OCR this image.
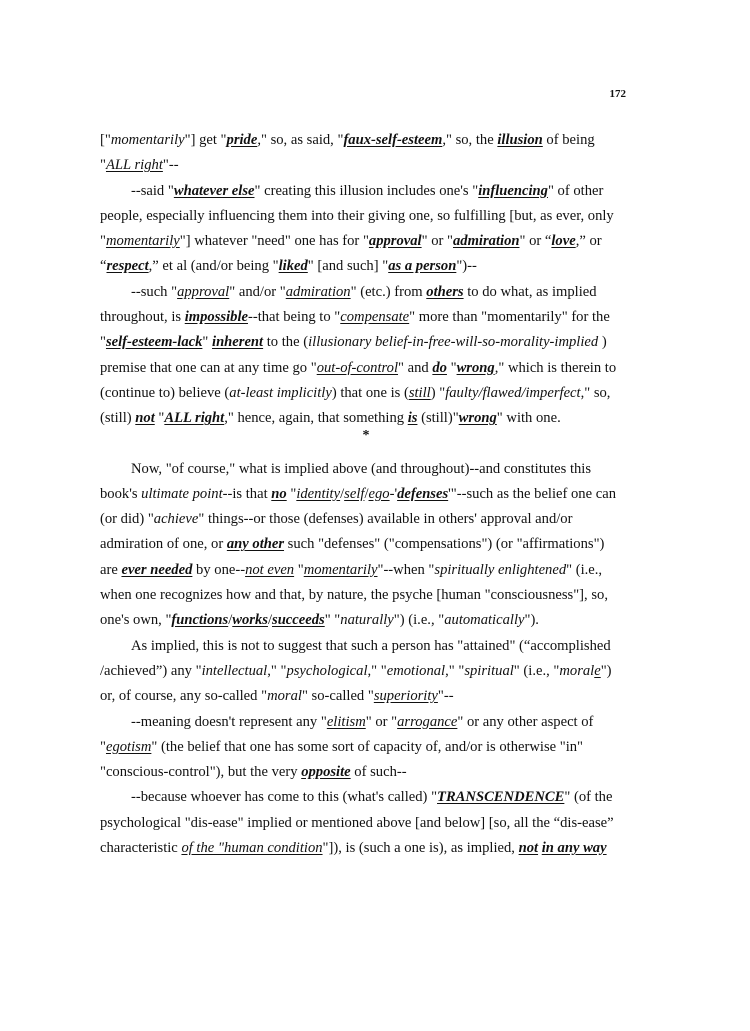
172

["momentarily"] get "pride," so, as said, "faux-self-esteem," so, the illusion of being "ALL right"--

--said "whatever else" creating this illusion includes one's "influencing" of other people, especially influencing them into their giving one, so fulfilling [but, as ever, only "momentarily"] whatever "need" one has for "approval" or "admiration" or “love,” or “respect,” et al (and/or being "liked" [and such] "as a person")--

--such "approval" and/or "admiration" (etc.) from others to do what, as implied throughout, is impossible--that being to "compensate" more than "momentarily" for the "self-esteem-lack" inherent to the (illusionary belief-in-free-will-so-morality-implied ) premise that one can at any time go "out-of-control" and do "wrong," which is therein to (continue to) believe (at-least implicitly) that one is (still) "faulty/flawed/imperfect," so, (still) not "ALL right," hence, again, that something is (still)"wrong" with one.

*

Now, "of course," what is implied above (and throughout)--and constitutes this book's ultimate point--is that no "identity/self/ego-'defenses'"--such as the belief one can (or did) "achieve" things--or those (defenses) available in others' approval and/or admiration of one, or any other such "defenses" ("compensations") (or "affirmations") are ever needed by one--not even "momentarily"--when "spiritually enlightened" (i.e., when one recognizes how and that, by nature, the psyche [human "consciousness"], so, one's own, "functions/works/succeeds" "naturally") (i.e., "automatically").

As implied, this is not to suggest that such a person has "attained" (“accomplished /achieved”) any "intellectual," "psychological," "emotional," "spiritual" (i.e., "morale") or, of course, any so-called "moral" so-called "superiority"--

--meaning doesn't represent any "elitism" or "arrogance" or any other aspect of "egotism" (the belief that one has some sort of capacity of, and/or is otherwise "in" "conscious-control"), but the very opposite of such--

--because whoever has come to this (what's called) "TRANSCENDENCE" (of the psychological "dis-ease" implied or mentioned above [and below] [so, all the “dis-ease” characteristic of the "human condition"]), is (such a one is), as implied, not in any way
